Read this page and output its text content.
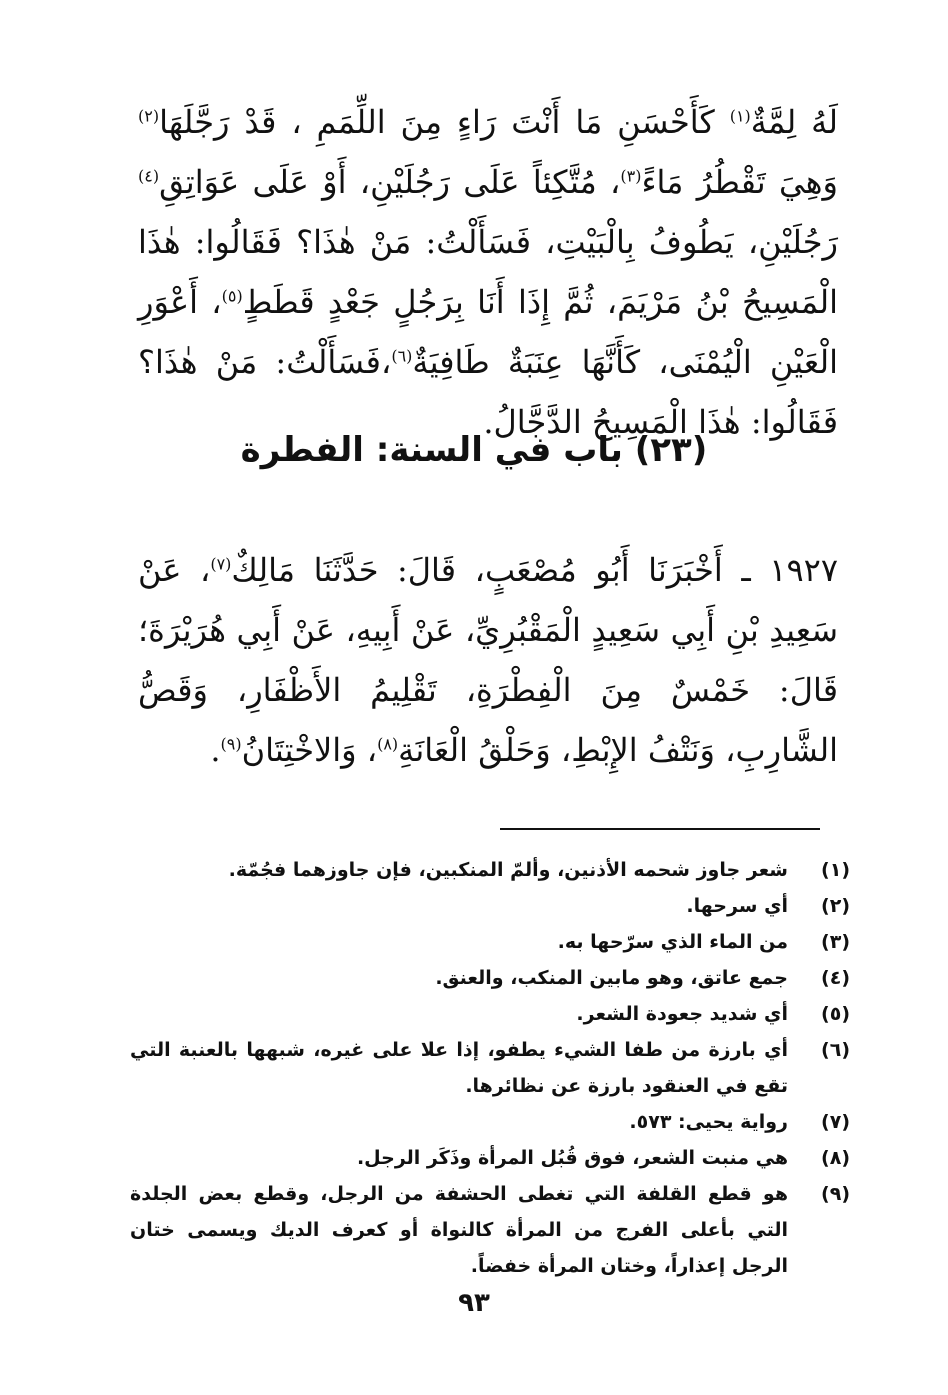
لَهُ لِمَّةٌ$^{(١)}$ كَأَحْسَنِ مَا أَنْتَ رَاءٍ مِنَ اللِّمَمِ ، قَدْ رَجَّلَهَا$^{(٢)}$ وَهِيَ تَقْطُرُ مَاءً$^{(٣)}$، مُتَّكِئاً عَلَى رَجُلَيْنِ، أَوْ عَلَى عَوَاتِقِ$^{(٤)}$ رَجُلَيْنِ، يَطُوفُ بِالْبَيْتِ، فَسَأَلْتُ: مَنْ هٰذَا؟ فَقَالُوا: هٰذَا الْمَسِيحُ بْنُ مَرْيَمَ، ثُمَّ إِذَا أَنَا بِرَجُلٍ جَعْدٍ قَطَطٍ$^{(٥)}$، أَعْوَرِ الْعَيْنِ الْيُمْنَى، كَأَنَّهَا عِنَبَةٌ طَافِيَةٌ$^{(٦)}$،فَسَأَلْتُ: مَنْ هٰذَا؟ فَقَالُوا: هٰذَا الْمَسِيحُ الدَّجَّالُ.
(٢٣) باب في السنة: الفطرة
١٩٢٧ ـ أَخْبَرَنَا أَبُو مُصْعَبٍ، قَالَ: حَدَّثَنَا مَالِكٌ$^{(٧)}$، عَنْ سَعِيدِ بْنِ أَبِي سَعِيدٍ الْمَقْبُرِيِّ، عَنْ أَبِيهِ، عَنْ أَبِي هُرَيْرَةَ؛ قَالَ: خَمْسٌ مِنَ الْفِطْرَةِ، تَقْلِيمُ الأَظْفَارِ، وَقَصُّ الشَّارِبِ، وَنَتْفُ الإِبْطِ، وَحَلْقُ الْعَانَةِ$^{(٨)}$، وَالاخْتِتَانُ$^{(٩)}$.
(١)
شعر جاوز شحمه الأذنين، وألمّ المنكبين، فإن جاوزهما فجُمّة.
(٢)
أي سرحها.
(٣)
من الماء الذي سرّحها به.
(٤)
جمع عاتق، وهو مابين المنكب، والعنق.
(٥)
أي شديد جعودة الشعر.
(٦)
أي بارزة من طفا الشيء يطفو، إذا علا على غيره، شبهها بالعنبة التي تقع في العنقود بارزة عن نظائرها.
(٧)
رواية يحيى: ٥٧٣.
(٨)
هي منبت الشعر، فوق قُبُل المرأة وذَكَر الرجل.
(٩)
هو قطع القلفة التي تغطى الحشفة من الرجل، وقطع بعض الجلدة التي بأعلى الفرج من المرأة كالنواة أو كعرف الديك ويسمى ختان الرجل إعذاراً، وختان المرأة خفضاً.
٩٣
